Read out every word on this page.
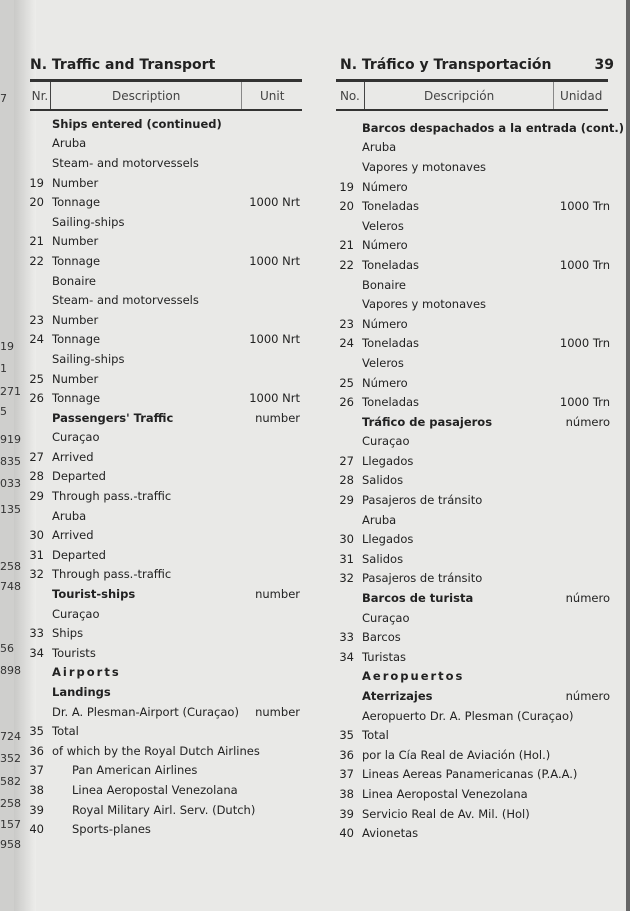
7
19
1
271
5
919
835
033
135
258
748
56
898
724
352
582
258
157
958
N. Traffic and Transport	N. Tráfico y Transportación	39
Nr.	Description	Unit	No.	Descripción	Unidad
Ships entered (continued)
Aruba
Steam- and motorvessels
19 Number
20 Tonnage	1000 Nrt
Sailing-ships
21 Number
22 Tonnage	1000 Nrt
Bonaire
Steam- and motorvessels
23 Number
24 Tonnage	1000 Nrt
Sailing-ships
25 Number
26 Tonnage	1000 Nrt
Passengers' Traffic	number
Curaçao
27 Arrived
28 Departed
29 Through pass.-traffic
Aruba
30 Arrived
31 Departed
32 Through pass.-traffic
Tourist-ships	number
Curaçao
33 Ships
34 Tourists
Airports
Landings
Dr. A. Plesman-Airport (Curaçao)	number
35 Total
36 of which by the Royal Dutch Airlines
37	Pan American Airlines
38	Linea Aeropostal Venezolana
39	Royal Military Airl. Serv. (Dutch)
40	Sports-planes
Barcos despachados a la entrada (cont.)
Aruba
Vapores y motonaves
19 Número
20 Toneladas	1000 Trn
Veleros
21 Número
22 Toneladas	1000 Trn
Bonaire
Vapores y motonaves
23 Número
24 Toneladas	1000 Trn
Veleros
25 Número
26 Toneladas	1000 Trn
Tráfico de pasajeros	número
Curaçao
27 Llegados
28 Salidos
29 Pasajeros de tránsito
Aruba
30 Llegados
31 Salidos
32 Pasajeros de tránsito
Barcos de turista	número
Curaçao
33 Barcos
34 Turistas
Aeropuertos
Aterrizajes	número
Aeropuerto Dr. A. Plesman (Curaçao)
35 Total
36 por la Cía Real de Aviación (Hol.)
37 Lineas Aereas Panamericanas (P.A.A.)
38 Linea Aeropostal Venezolana
39 Servicio Real de Av. Mil. (Hol)
40 Avionetas
